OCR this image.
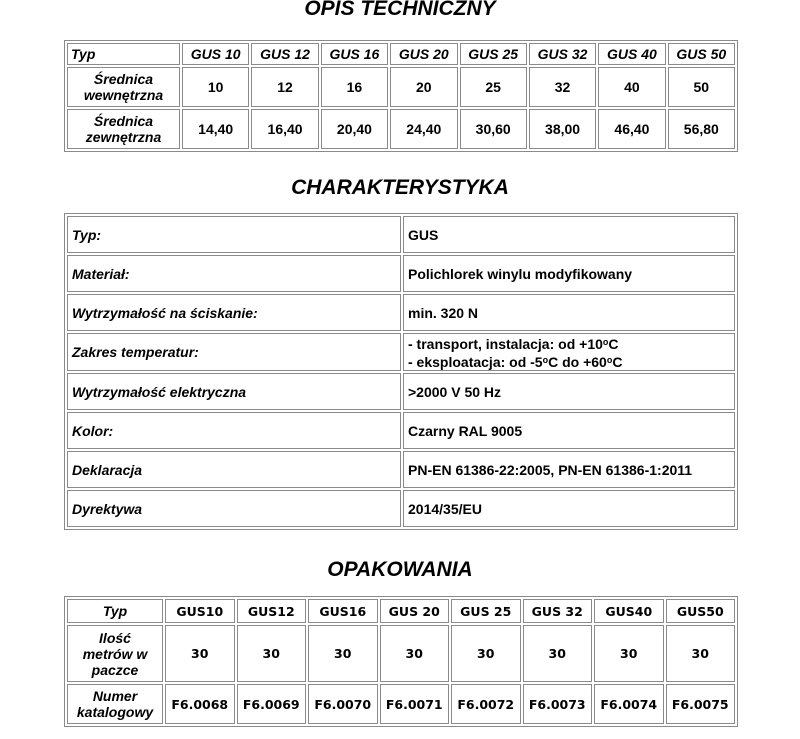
OPIS TECHNICZNY
Typ	GUS 10	GUS 12	GUS 16	GUS 20	GUS 25	GUS 32	GUS 40	GUS 50
Średnica
wewnętrzna	10	12	16	20	25	32	40	50
Średnica
zewnętrzna	14,40	16,40	20,40	24,40	30,60	38,00	46,40	56,80
CHARAKTERYSTYKA
Typ:	GUS
Materiał:	Polichlorek winylu modyfikowany
Wytrzymałość na ściskanie:	min. 320 N
Zakres temperatur:	- transport, instalacja: od $+10^oC$
- eksploatacja: od -5$^o$C do $+60^oC$
Wytrzymałość elektryczna	>2000 V 50 Hz
Kolor:	Czarny RAL 9005
Deklaracja	PN-EN 61386-22:2005, PN-EN 61386-1:2011
Dyrektywa	2014/35/EU
OPAKOWANIA
Typ	GUS10	GUS12	GUS16	GUS 20	GUS 25	GUS 32	GUS40	GUS50
Ilość
metrów w
paczce	30	30	30	30	30	30	30	30
Numer
katalogowy	F6.0068	F6.0069	F6.0070	F6.0071	F6.0072	F6.0073	F6.0074	F6.0075
